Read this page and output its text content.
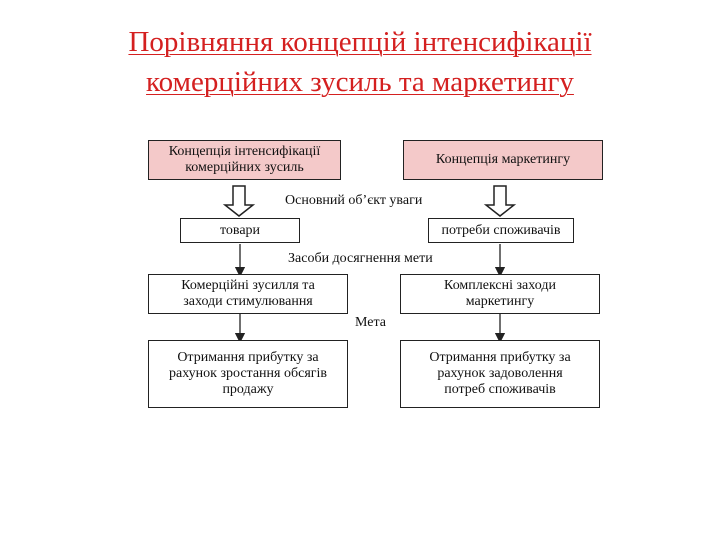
Порівняння концепцій інтенсифікації
комерційних зусиль та маркетингу
Концепція інтенсифікації
комерційних зусиль
Концепція маркетингу
Основний об’єкт уваги
товари	потреби споживачів
Засоби досягнення мети
Комерційні зусилля та
заходи стимулювання
Комплексні заходи
маркетингу
Мета
Отримання прибутку за
рахунок зростання обсягів
продажу
Отримання прибутку за
рахунок задоволення
потреб споживачів
